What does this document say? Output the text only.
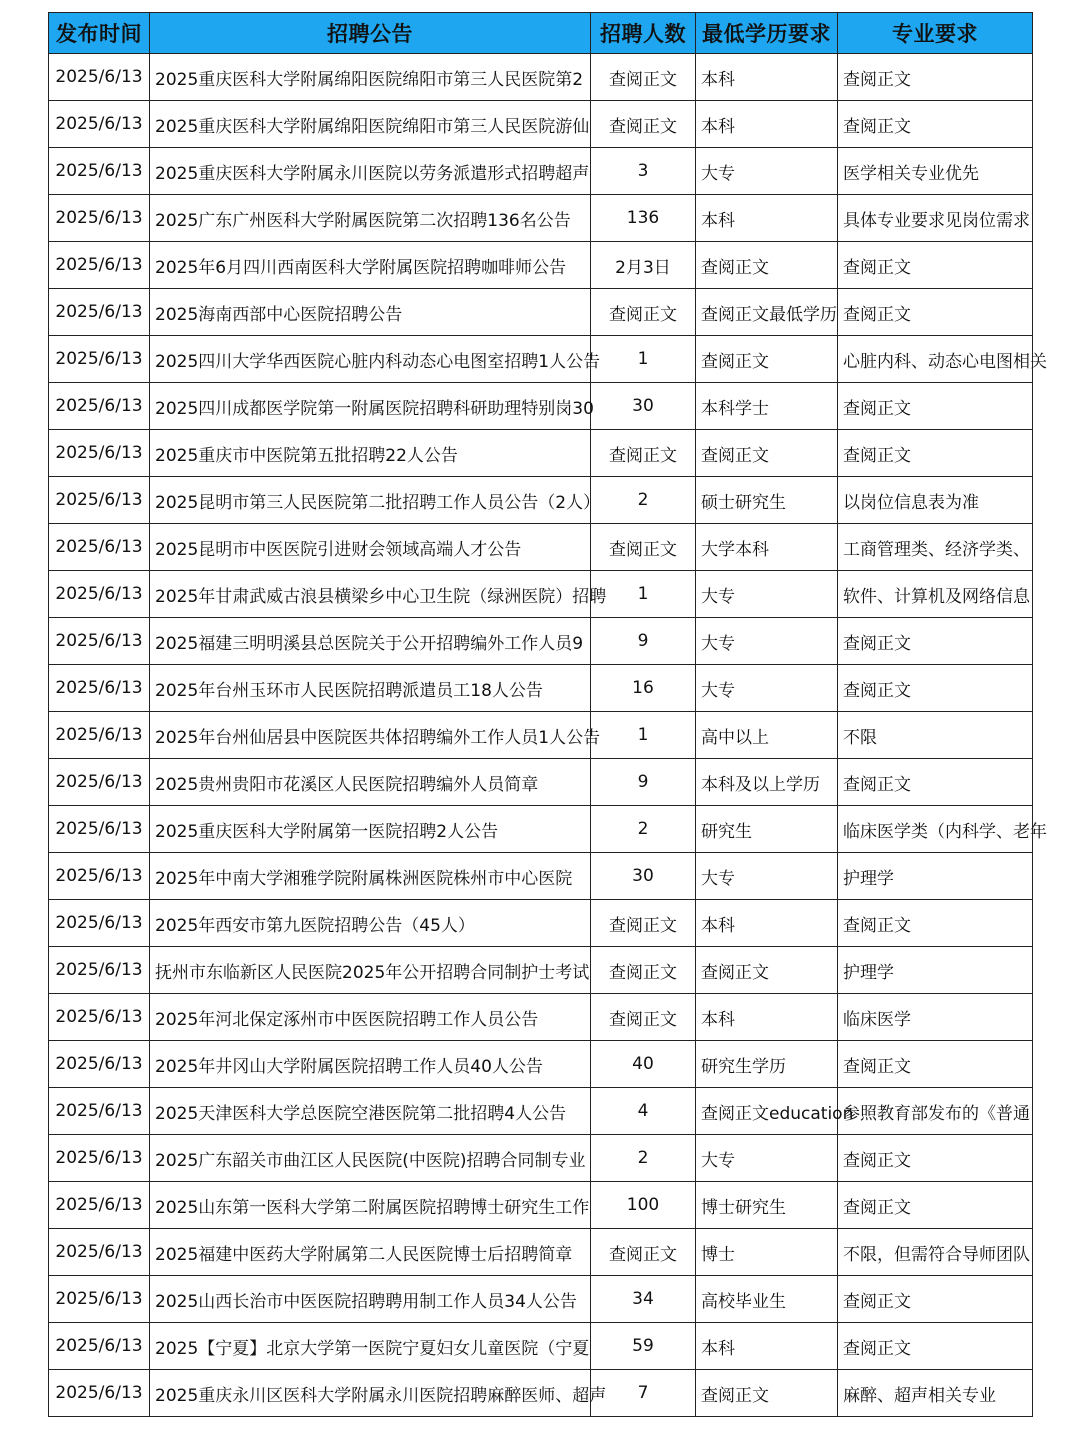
发布时间	招聘公告	招聘人数	最低学历要求	专业要求
2025/6/13	2025重庆医科大学附属绵阳医院绵阳市第三人民医院第2	查阅正文	本科	查阅正文
2025/6/13	2025重庆医科大学附属绵阳医院绵阳市第三人民医院游仙	查阅正文	本科	查阅正文
2025/6/13	2025重庆医科大学附属永川医院以劳务派遣形式招聘超声	3	大专	医学相关专业优先
2025/6/13	2025广东广州医科大学附属医院第二次招聘136名公告	136	本科	具体专业要求见岗位需求
2025/6/13	2025年6月四川西南医科大学附属医院招聘咖啡师公告	2月3日	查阅正文	查阅正文
2025/6/13	2025海南西部中心医院招聘公告	查阅正文	查阅正文最低学历	查阅正文
2025/6/13	2025四川大学华西医院心脏内科动态心电图室招聘1人公告	1	查阅正文	心脏内科、动态心电图相关
2025/6/13	2025四川成都医学院第一附属医院招聘科研助理特别岗30	30	本科学士	查阅正文
2025/6/13	2025重庆市中医院第五批招聘22人公告	查阅正文	查阅正文	查阅正文
2025/6/13	2025昆明市第三人民医院第二批招聘工作人员公告（2人）	2	硕士研究生	以岗位信息表为准
2025/6/13	2025昆明市中医医院引进财会领域高端人才公告	查阅正文	大学本科	工商管理类、经济学类、
2025/6/13	2025年甘肃武威古浪县横梁乡中心卫生院（绿洲医院）招聘	1	大专	软件、计算机及网络信息
2025/6/13	2025福建三明明溪县总医院关于公开招聘编外工作人员9	9	大专	查阅正文
2025/6/13	2025年台州玉环市人民医院招聘派遣员工18人公告	16	大专	查阅正文
2025/6/13	2025年台州仙居县中医院医共体招聘编外工作人员1人公告	1	高中以上	不限
2025/6/13	2025贵州贵阳市花溪区人民医院招聘编外人员简章	9	本科及以上学历	查阅正文
2025/6/13	2025重庆医科大学附属第一医院招聘2人公告	2	研究生	临床医学类（内科学、老年
2025/6/13	2025年中南大学湘雅学院附属株洲医院株州市中心医院	30	大专	护理学
2025/6/13	2025年西安市第九医院招聘公告（45人）	查阅正文	本科	查阅正文
2025/6/13	抚州市东临新区人民医院2025年公开招聘合同制护士考试	查阅正文	查阅正文	护理学
2025/6/13	2025年河北保定涿州市中医医院招聘工作人员公告	查阅正文	本科	临床医学
2025/6/13	2025年井冈山大学附属医院招聘工作人员40人公告	40	研究生学历	查阅正文
2025/6/13	2025天津医科大学总医院空港医院第二批招聘4人公告	4	查阅正文education	参照教育部发布的《普通
2025/6/13	2025广东韶关市曲江区人民医院(中医院)招聘合同制专业	2	大专	查阅正文
2025/6/13	2025山东第一医科大学第二附属医院招聘博士研究生工作	100	博士研究生	查阅正文
2025/6/13	2025福建中医药大学附属第二人民医院博士后招聘简章	查阅正文	博士	不限，但需符合导师团队
2025/6/13	2025山西长治市中医医院招聘聘用制工作人员34人公告	34	高校毕业生	查阅正文
2025/6/13	2025【宁夏】北京大学第一医院宁夏妇女儿童医院（宁夏	59	本科	查阅正文
2025/6/13	2025重庆永川区医科大学附属永川医院招聘麻醉医师、超声	7	查阅正文	麻醉、超声相关专业
